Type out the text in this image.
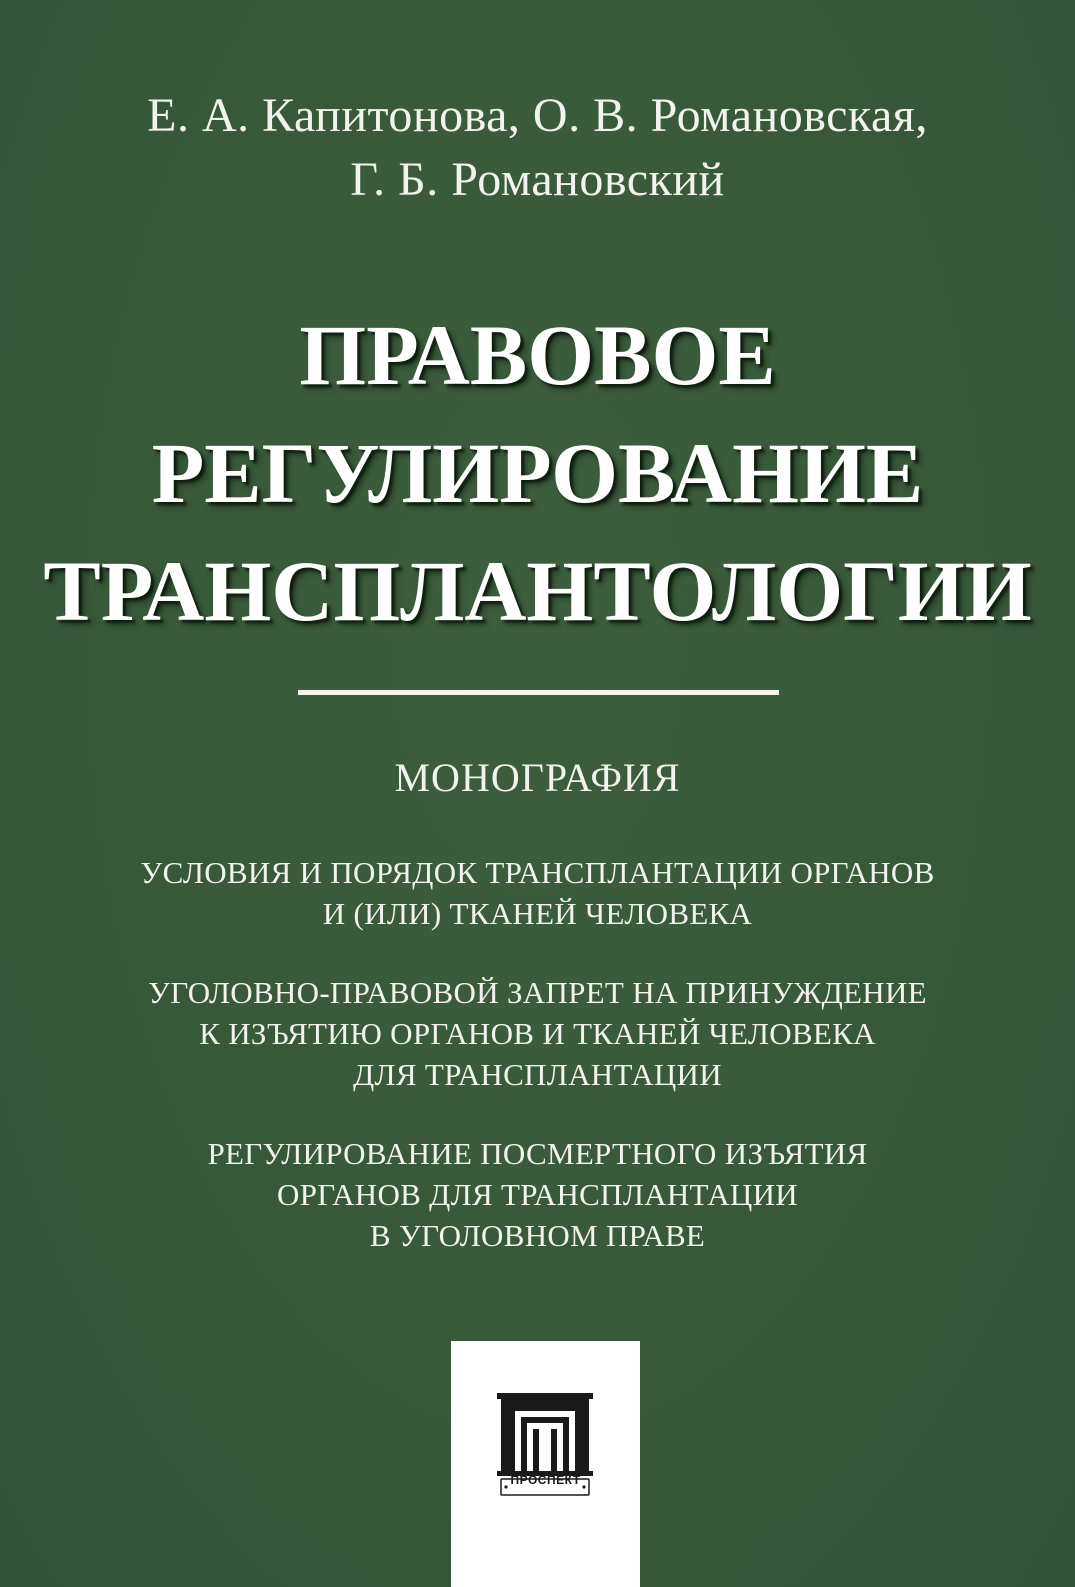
Е. А. Капитонова, О. В. Романовская,
Г. Б. Романовский
ПРАВОВОЕ
РЕГУЛИРОВАНИЕ
ТРАНСПЛАНТОЛОГИИ
МОНОГРАФИЯ
УСЛОВИЯ И ПОРЯДОК ТРАНСПЛАНТАЦИИ ОРГАНОВ
И (ИЛИ) ТКАНЕЙ ЧЕЛОВЕКА
УГОЛОВНО-ПРАВОВОЙ ЗАПРЕТ НА ПРИНУЖДЕНИЕ
К ИЗЪЯТИЮ ОРГАНОВ И ТКАНЕЙ ЧЕЛОВЕКА
ДЛЯ ТРАНСПЛАНТАЦИИ
РЕГУЛИРОВАНИЕ ПОСМЕРТНОГО ИЗЪЯТИЯ
ОРГАНОВ ДЛЯ ТРАНСПЛАНТАЦИИ
В УГОЛОВНОМ ПРАВЕ
ПРОСПЕКТ
